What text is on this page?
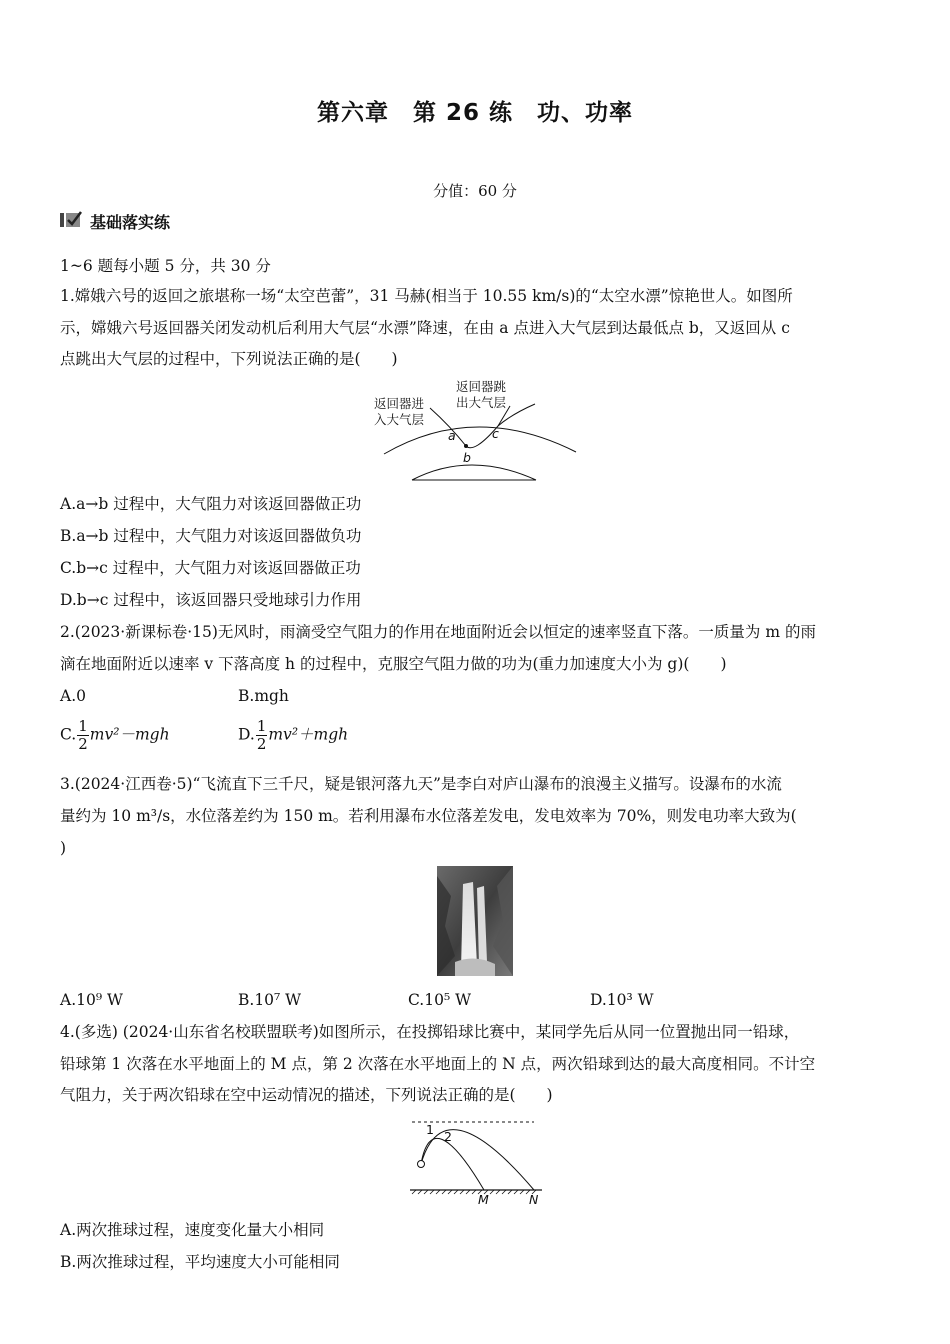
第六章　第 26 练　功、功率
分值：60 分
基础落实练
1~6 题每小题 5 分，共 30 分
1.嫦娥六号的返回之旅堪称一场“太空芭蕾”，31 马赫(相当于 10.55 km/s)的“太空水漂”惊艳世人。如图所
示，嫦娥六号返回器关闭发动机后利用大气层“水漂”降速，在由 a 点进入大气层到达最低点 b，又返回从 c
点跳出大气层的过程中，下列说法正确的是(　　)
返回器进
入大气层
返回器跳
出大气层
a
b
c
A.a→b 过程中，大气阻力对该返回器做正功
B.a→b 过程中，大气阻力对该返回器做负功
C.b→c 过程中，大气阻力对该返回器做正功
D.b→c 过程中，该返回器只受地球引力作用
2.(2023·新课标卷·15)无风时，雨滴受空气阻力的作用在地面附近会以恒定的速率竖直下落。一质量为 m 的雨
滴在地面附近以速率 v 下落高度 h 的过程中，克服空气阻力做的功为(重力加速度大小为 g)(　　)
A.0	B.mgh
C. $\frac{1}{2} mv^2-mgh$	D. $\frac{1}{2} mv^2+mgh$
3.(2024·江西卷·5)“飞流直下三千尺，疑是银河落九天”是李白对庐山瀑布的浪漫主义描写。设瀑布的水流
量约为 10 m³/s，水位落差约为 150 m。若利用瀑布水位落差发电，发电效率为 70%，则发电功率大致为(
)
A.10⁹ W	B.10⁷ W	C.10⁵ W	D.10³ W
4.(多选) (2024·山东省名校联盟联考)如图所示，在投掷铅球比赛中，某同学先后从同一位置抛出同一铅球，
铅球第 1 次落在水平地面上的 M 点，第 2 次落在水平地面上的 N 点，两次铅球到达的最大高度相同。不计空
气阻力，关于两次铅球在空中运动情况的描述，下列说法正确的是(　　)
1 2
M	N
A.两次推球过程，速度变化量大小相同
B.两次推球过程，平均速度大小可能相同
